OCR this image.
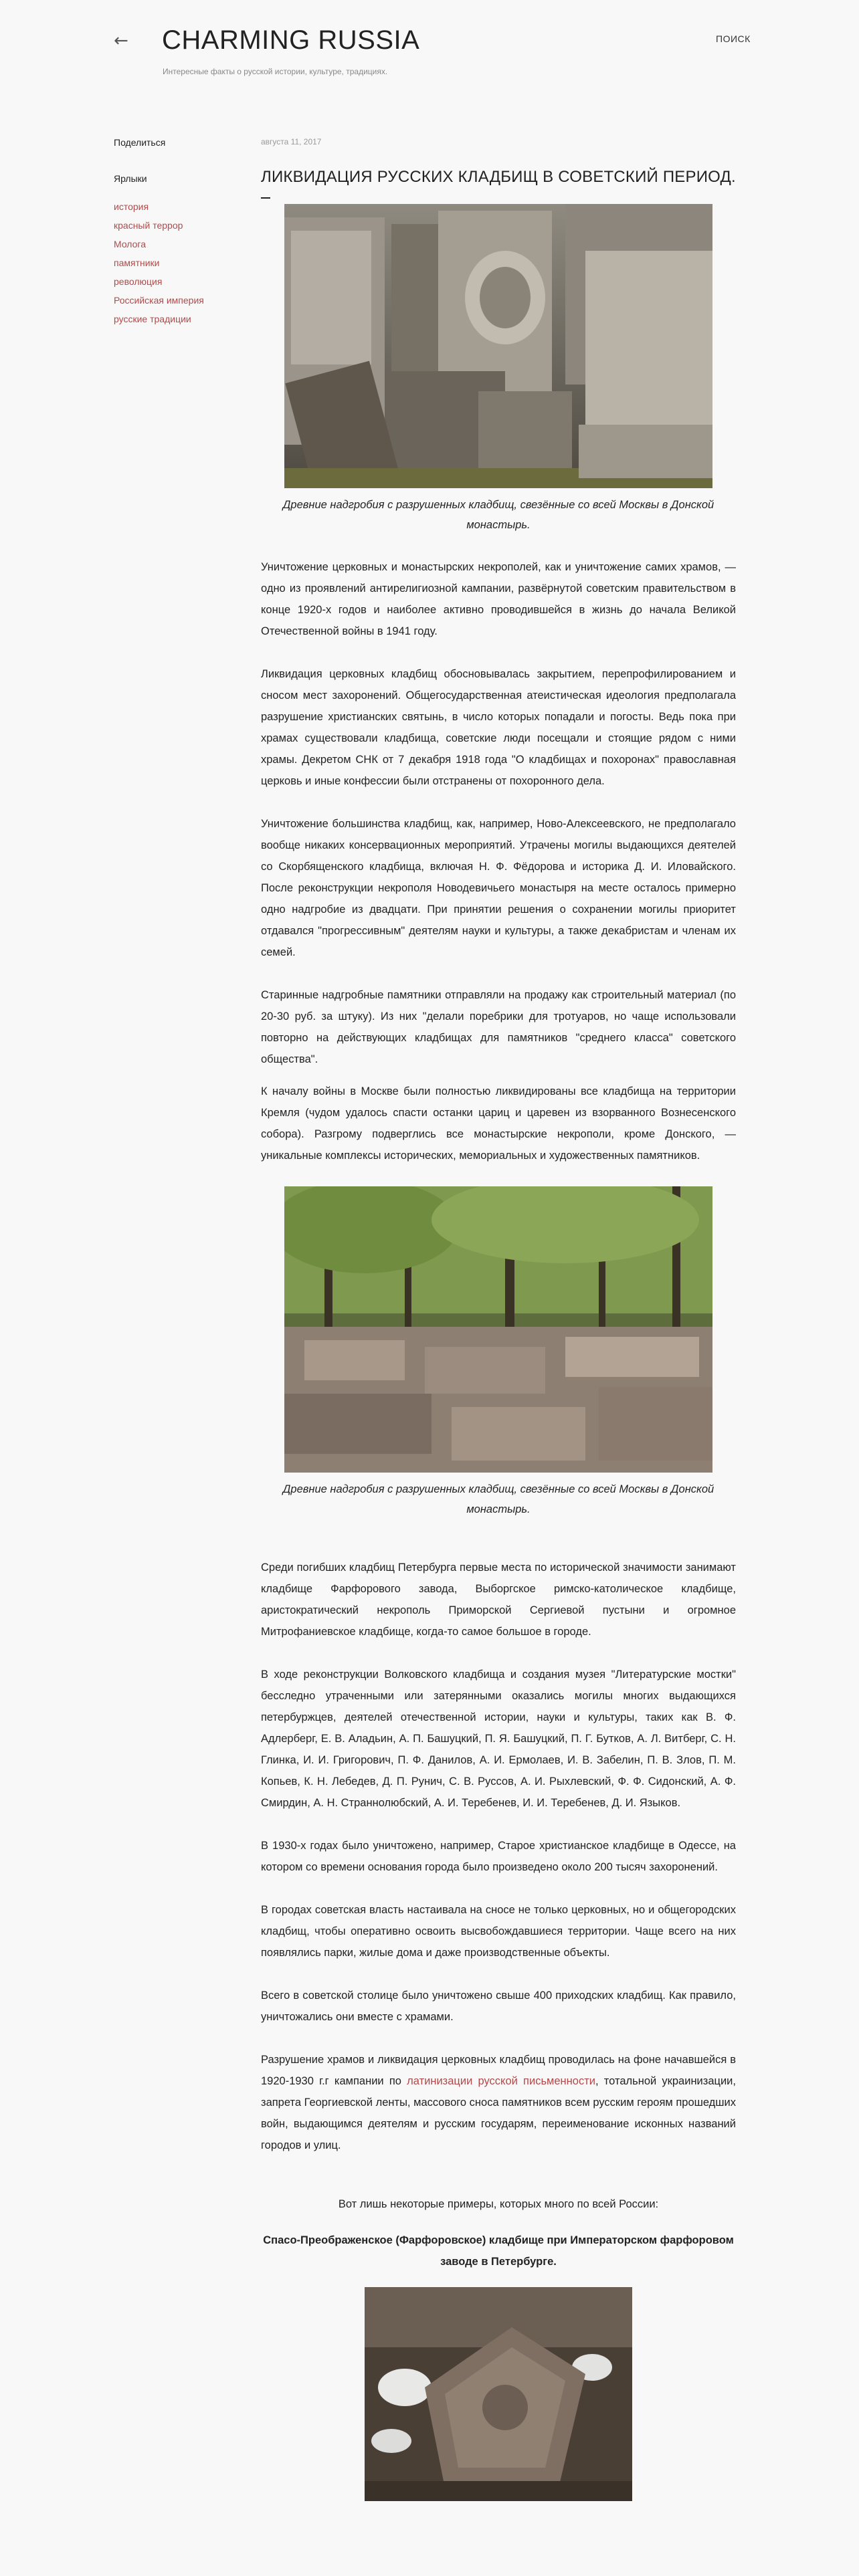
← CHARMING RUSSIA
Интересные факты о русской истории, культуре, традициях.
ПОИСК
Поделиться
Ярлыки
история
красный террор
Молога
памятники
революция
Российская империя
русские традиции
августа 11, 2017
ЛИКВИДАЦИЯ РУССКИХ КЛАДБИЩ В СОВЕТСКИЙ ПЕРИОД.
Древние надгробия с разрушенных кладбищ, свезённые со всей Москвы в Донской монастырь.

Уничтожение церковных и монастырских некрополей, как и уничтожение самих храмов, — одно из проявлений антирелигиозной кампании, развёрнутой советским правительством в конце 1920-х годов и наиболее активно проводившейся в жизнь до начала Великой Отечественной войны в 1941 году.

Ликвидация церковных кладбищ обосновывалась закрытием, перепрофилированием и сносом мест захоронений. Общегосударственная атеистическая идеология предполагала разрушение христианских святынь, в число которых попадали и погосты. Ведь пока при храмах существовали кладбища, советские люди посещали и стоящие рядом с ними храмы. Декретом СНК от 7 декабря 1918 года "О кладбищах и похоронах" православная церковь и иные конфессии были отстранены от похоронного дела.

Уничтожение большинства кладбищ, как, например, Ново-Алексеевского, не предполагало вообще никаких консервационных мероприятий. Утрачены могилы выдающихся деятелей со Скорбященского кладбища, включая Н. Ф. Фёдорова и историка Д. И. Иловайского. После реконструкции некрополя Новодевичьего монастыря на месте осталось примерно одно надгробие из двадцати. При принятии решения о сохранении могилы приоритет отдавался "прогрессивным" деятелям науки и культуры, а также декабристам и членам их семей.

Старинные надгробные памятники отправляли на продажу как строительный материал (по 20-30 руб. за штуку). Из них "делали поребрики для тротуаров, но чаще использовали повторно на действующих кладбищах для памятников "среднего класса" советского общества".

К началу войны в Москве были полностью ликвидированы все кладбища на территории Кремля (чудом удалось спасти останки цариц и царевен из взорванного Вознесенского собора). Разгрому подверглись все монастырские некрополи, кроме Донского, — уникальные комплексы исторических, мемориальных и художественных памятников.

Древние надгробия с разрушенных кладбищ, свезённые со всей Москвы в Донской монастырь.

Среди погибших кладбищ Петербурга первые места по исторической значимости занимают кладбище Фарфорового завода, Выборгское римско-католическое кладбище, аристократический некрополь Приморской Сергиевой пустыни и огромное Митрофаниевское кладбище, когда-то самое большое в городе.

В ходе реконструкции Волковского кладбища и создания музея "Литературские мостки" бесследно утраченными или затерянными оказались могилы многих выдающихся петербуржцев, деятелей отечественной истории, науки и культуры, таких как В. Ф. Адлерберг, Е. В. Аладьин, А. П. Башуцкий, П. Я. Башуцкий, П. Г. Бутков, А. Л. Витберг, С. Н. Глинка, И. И. Григорович, П. Ф. Данилов, А. И. Ермолаев, И. В. Забелин, П. В. Злов, П. М. Копьев, К. Н. Лебедев, Д. П. Рунич, С. В. Руссов, А. И. Рыхлевский, Ф. Ф. Сидонский, А. Ф. Смирдин, А. Н. Страннолюбский, А. И. Теребенев, И. И. Теребенев, Д. И. Языков.

В 1930-х годах было уничтожено, например, Старое христианское кладбище в Одессе, на котором со времени основания города было произведено около 200 тысяч захоронений.

В городах советская власть настаивала на сносе не только церковных, но и общегородских кладбищ, чтобы оперативно освоить высвобождавшиеся территории. Чаще всего на них появлялись парки, жилые дома и даже производственные объекты.

Всего в советской столице было уничтожено свыше 400 приходских кладбищ. Как правило, уничтожались они вместе с храмами.

Разрушение храмов и ликвидация церковных кладбищ проводилась на фоне начавшейся в 1920-1930 г.г кампании по латинизации русской письменности, тотальной украинизации, запрета Георгиевской ленты, массового сноса памятников всем русским героям прошедших войн, выдающимся деятелям и русским государям, переименование исконных названий городов и улиц.

Вот лишь некоторые примеры, которых много по всей России:
Спасо-Преображенское (Фарфоровское) кладбище при Императорском фарфоровом заводе в Петербурге.
